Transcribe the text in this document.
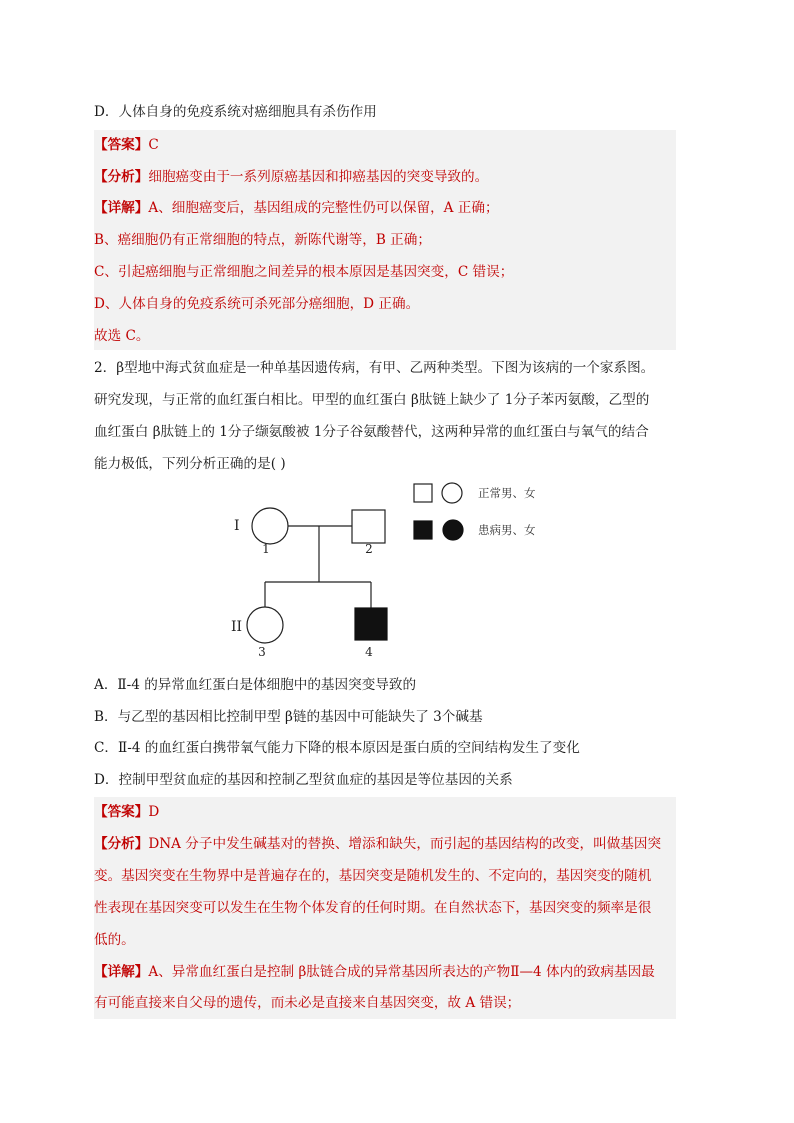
D．人体自身的免疫系统对癌细胞具有杀伤作用
【答案】C
【分析】细胞癌变由于一系列原癌基因和抑癌基因的突变导致的。
【详解】A、细胞癌变后，基因组成的完整性仍可以保留，A 正确；
B、癌细胞仍有正常细胞的特点，新陈代谢等，B 正确；
C、引起癌细胞与正常细胞之间差异的根本原因是基因突变，C 错误；
D、人体自身的免疫系统可杀死部分癌细胞，D 正确。
故选 C。
2．β型地中海式贫血症是一种单基因遗传病，有甲、乙两种类型。下图为该病的一个家系图。
研究发现，与正常的血红蛋白相比。甲型的血红蛋白 β肽链上缺少了 1分子苯丙氨酸，乙型的
血红蛋白 β肽链上的 1分子缬氨酸被 1分子谷氨酸替代，这两种异常的血红蛋白与氧气的结合
能力极低，下列分析正确的是( )
正常男、女
患病男、女
I
II
1	2
3	4
A．Ⅱ-4 的异常血红蛋白是体细胞中的基因突变导致的
B．与乙型的基因相比控制甲型 β链的基因中可能缺失了 3个碱基
C．Ⅱ-4 的血红蛋白携带氧气能力下降的根本原因是蛋白质的空间结构发生了变化
D．控制甲型贫血症的基因和控制乙型贫血症的基因是等位基因的关系
【答案】D
【分析】DNA 分子中发生碱基对的替换、增添和缺失，而引起的基因结构的改变，叫做基因突
变。基因突变在生物界中是普遍存在的，基因突变是随机发生的、不定向的，基因突变的随机
性表现在基因突变可以发生在生物个体发育的任何时期。在自然状态下，基因突变的频率是很
低的。
【详解】A、异常血红蛋白是控制 β肽链合成的异常基因所表达的产物Ⅱ—4 体内的致病基因最
有可能直接来自父母的遗传，而未必是直接来自基因突变，故 A 错误；
